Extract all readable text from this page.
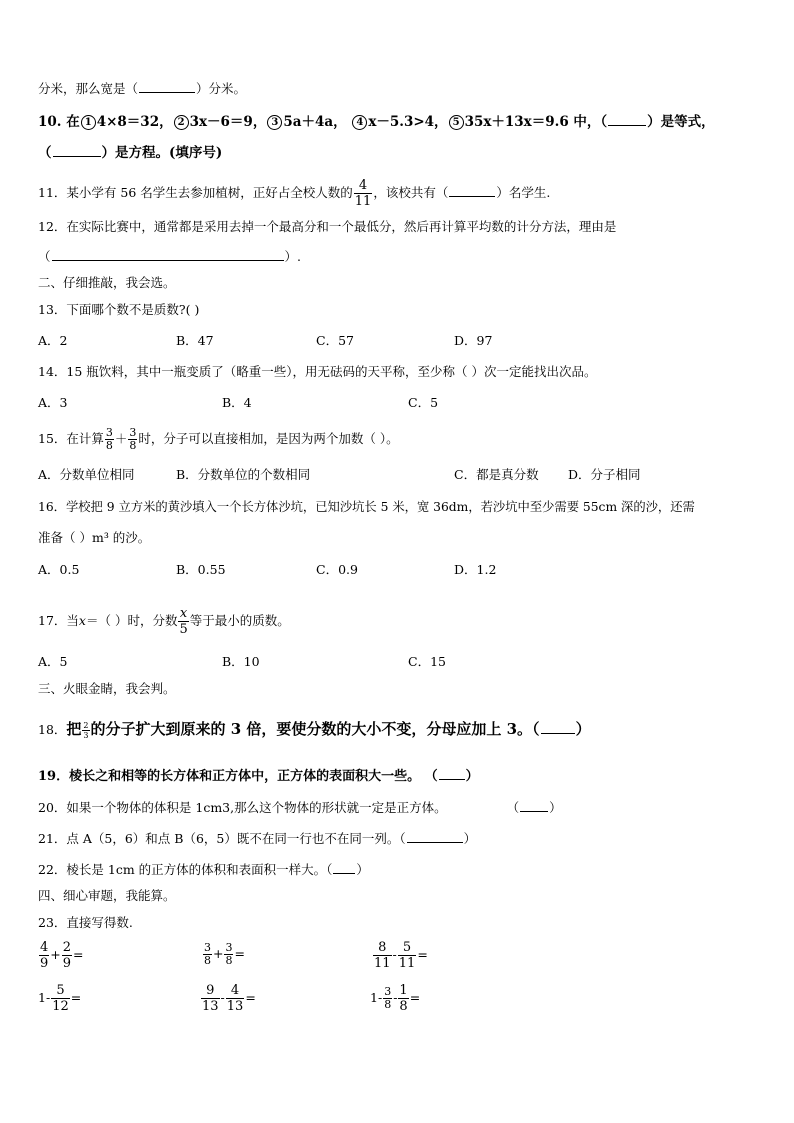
分米，那么宽是（	）分米。
10. 在 1 4×8＝32， 2 3x－6＝9， 3 5a＋4a， 4 x－5.3>4， 5 35x＋13x＝9.6 中，（	）是等式，
（	）是方程。(填序号)
11．某小学有 56 名学生去参加植树，正好占全校人数的 $\frac{4}{11}$ ，该校共有（	）名学生.
12．在实际比赛中，通常都是采用去掉一个最高分和一个最低分，然后再计算平均数的计分方法，理由是
（	）.
二、仔细推敲，我会选。
13．下面哪个数不是质数?( )
A．2	B．47	C．57	D．97
14．15 瓶饮料，其中一瓶变质了（略重一些），用无砝码的天平称，至少称（ ）次一定能找出次品。
A．3	B．4	C．5
15．在计算 $\frac{3}{8} + \frac{3}{8}$ 时，分子可以直接相加，是因为两个加数（ ）。
A．分数单位相同	B．分数单位的个数相同	C．都是真分数 D．分子相同
16．学校把 9 立方米的黄沙填入一个长方体沙坑，已知沙坑长 5 米，宽 36dm，若沙坑中至少需要 55cm 深的沙，还需
准备（ ）m³ 的沙。
A．0.5	B．0.55	C．0.9	D．1.2
17．当x＝（ ）时，分数 $\frac{x}{5}$ 等于最小的质数。
A．5	B．10	C．15
三、火眼金睛，我会判。
18．把 $\frac{2}{3}$ 的分子扩大到原来的 3 倍，要使分数的大小不变，分母应加上 3。（ ）
19．棱长之和相等的长方体和正方体中，正方体的表面积大一些。 （ ）
20．如果一个物体的体积是 1cm3,那么这个物体的形状就一定是正方体。	（ ）
21．点 A（5，6）和点 B（6，5）既不在同一行也不在同一列。（	）
22．棱长是 1cm 的正方体的体积和表面积一样大。（ ）
四、细心审题，我能算。
23．直接写得数.
$\frac{4}{9} + \frac{2}{9}$ =	$\frac{3}{8} + \frac{3}{8}$ =	$\frac{8}{11} - \frac{5}{11}$ =
$1- \frac{5}{12}$ =	$\frac{9}{13} - \frac{4}{13}$ =	$1- \frac{3}{8} - \frac{1}{8}$ =
